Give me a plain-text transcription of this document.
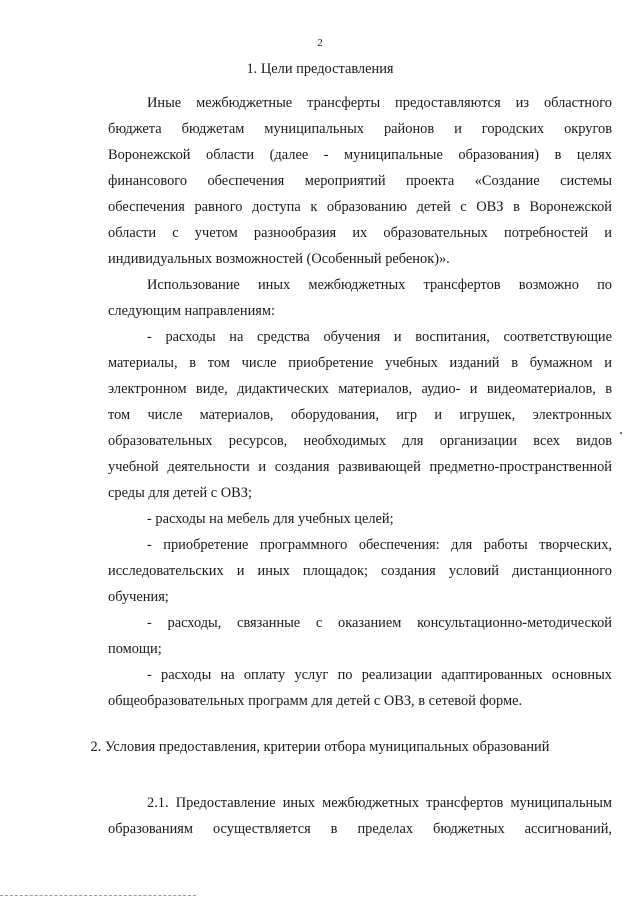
2
1. Цели предоставления
Иные межбюджетные трансферты предоставляются из областного
бюджета бюджетам муниципальных районов и городских округов
Воронежской области (далее - муниципальные образования) в целях
финансового обеспечения мероприятий проекта «Создание системы
обеспечения равного доступа к образованию детей с ОВЗ в Воронежской
области с учетом разнообразия их образовательных потребностей и
индивидуальных возможностей (Особенный ребенок)».
Использование иных межбюджетных трансфертов возможно по
следующим направлениям:
- расходы на средства обучения и воспитания, соответствующие
материалы, в том числе приобретение учебных изданий в бумажном и
электронном виде, дидактических материалов, аудио- и видеоматериалов, в
том числе материалов, оборудования, игр и игрушек, электронных
образовательных ресурсов, необходимых для организации всех видов
учебной деятельности и создания развивающей предметно-пространственной
среды для детей с ОВЗ;
- расходы на мебель для учебных целей;
- приобретение программного обеспечения: для работы творческих,
исследовательских и иных площадок; создания условий дистанционного
обучения;
- расходы, связанные с оказанием консультационно-методической
помощи;
- расходы на оплату услуг по реализации адаптированных основных
общеобразовательных программ для детей с ОВЗ, в сетевой форме.
2. Условия предоставления, критерии отбора муниципальных образований
2.1. Предоставление иных межбюджетных трансфертов муниципальным
образованиям осуществляется в пределах бюджетных ассигнований,
